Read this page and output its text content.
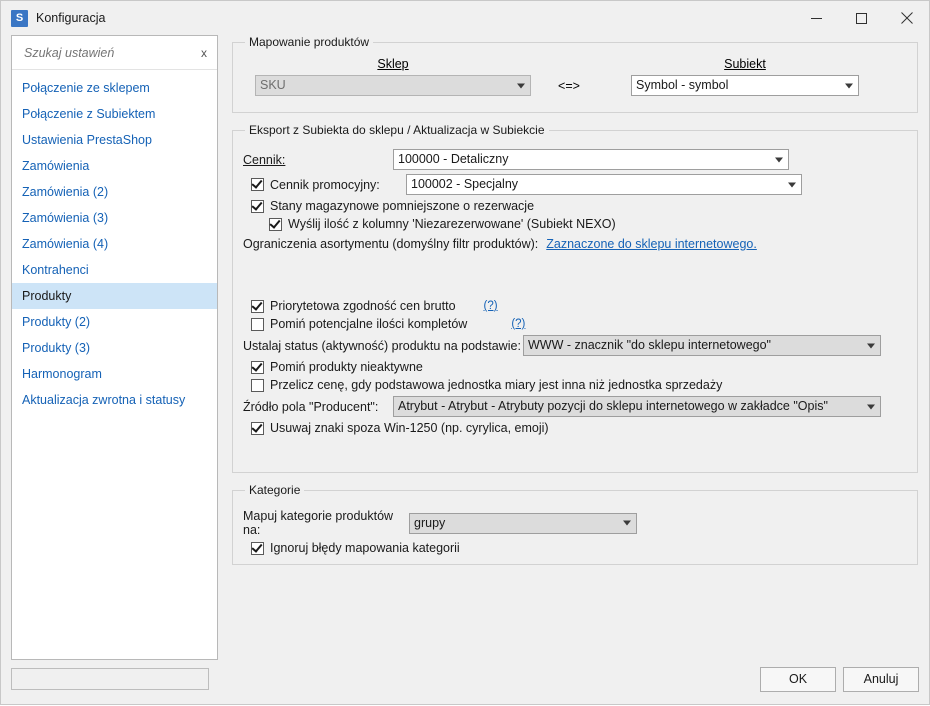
S	Konfiguracja
Szukaj ustawień
x
Połączenie ze sklepem
Połączenie z Subiektem
Ustawienia PrestaShop
Zamówienia
Zamówienia (2)
Zamówienia (3)
Zamówienia (4)
Kontrahenci
Produkty
Produkty (2)
Produkty (3)
Harmonogram
Aktualizacja zwrotna i statusy
Mapowanie produktów
Sklep	Subiekt
SKU	<=>	Symbol - symbol
Eksport z Subiekta do sklepu / Aktualizacja w Subiekcie
Cennik:	100000 - Detaliczny
Cennik promocyjny:	100002 - Specjalny
Stany magazynowe pomniejszone o rezerwacje
Wyślij ilość z kolumny 'Niezarezerwowane' (Subiekt NEXO)
Ograniczenia asortymentu (domyślny filtr produktów): Zaznaczone do sklepu internetowego.
Priorytetowa zgodność cen brutto (?)
Pomiń potencjalne ilości kompletów	(?)
Ustalaj status (aktywność) produktu na podstawie: WWW - znacznik "do sklepu internetowego"
Pomiń produkty nieaktywne
Przelicz cenę, gdy podstawowa jednostka miary jest inna niż jednostka sprzedaży
Źródło pola "Producent":	Atrybut - Atrybut - Atrybuty pozycji do sklepu internetowego w zakładce "Opis"
Usuwaj znaki spoza Win-1250 (np. cyrylica, emoji)
Kategorie
Mapuj kategorie produktów na:
grupy
Ignoruj błędy mapowania kategorii
OK	Anuluj
